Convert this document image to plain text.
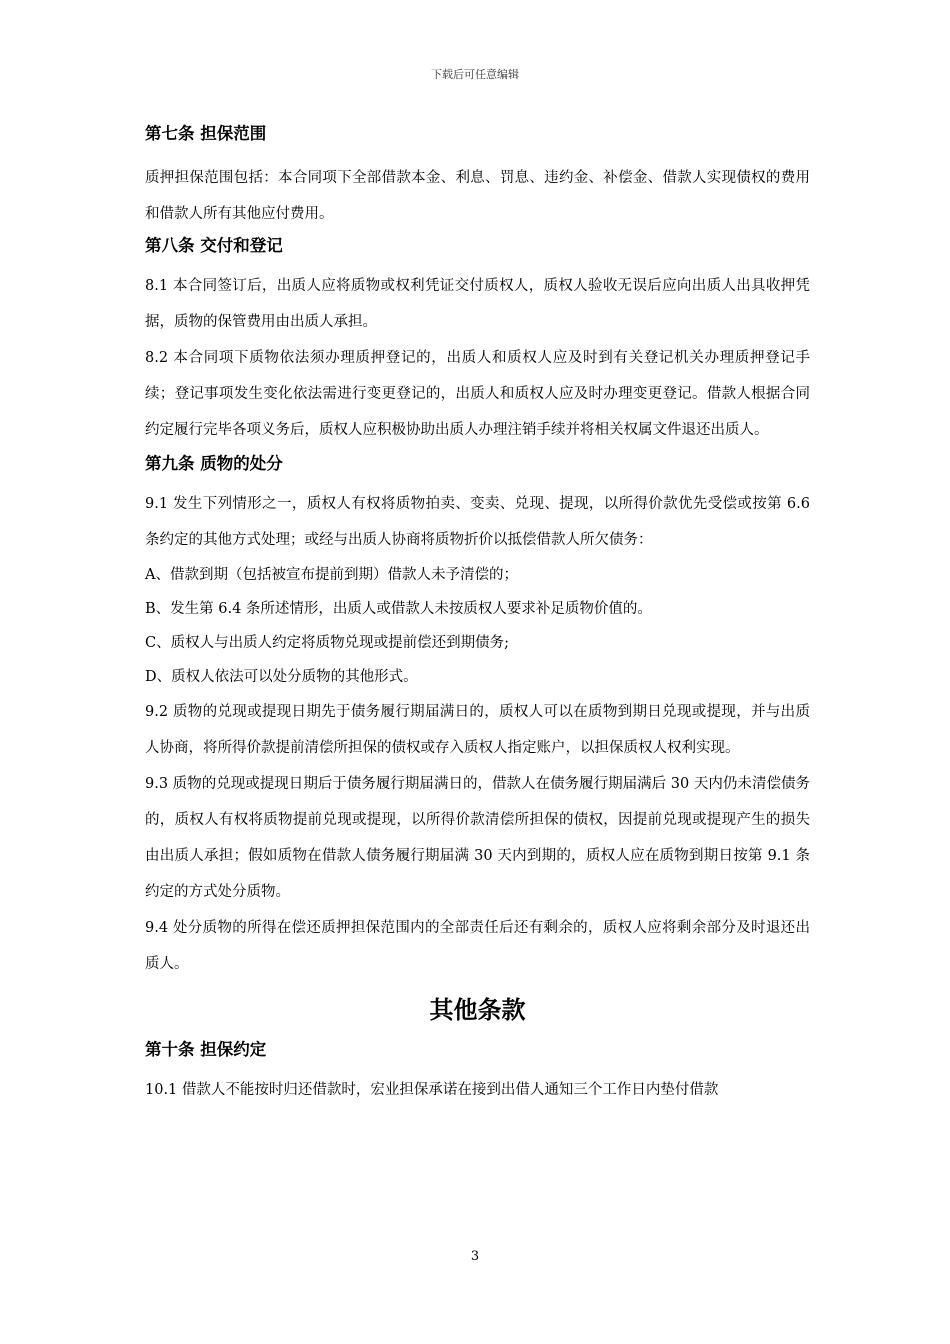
下载后可任意编辑

第七条 担保范围

质押担保范围包括：本合同项下全部借款本金、利息、罚息、违约金、补偿金、借款人实现债权的费用和借款人所有其他应付费用。

第八条 交付和登记

8.1 本合同签订后，出质人应将质物或权利凭证交付质权人，质权人验收无误后应向出质人出具收押凭据，质物的保管费用由出质人承担。

8.2 本合同项下质物依法须办理质押登记的，出质人和质权人应及时到有关登记机关办理质押登记手续；登记事项发生变化依法需进行变更登记的，出质人和质权人应及时办理变更登记。借款人根据合同约定履行完毕各项义务后，质权人应积极协助出质人办理注销手续并将相关权属文件退还出质人。

第九条 质物的处分

9.1 发生下列情形之一，质权人有权将质物拍卖、变卖、兑现、提现，以所得价款优先受偿或按第 6.6 条约定的其他方式处理；或经与出质人协商将质物折价以抵偿借款人所欠债务：

A、借款到期（包括被宣布提前到期）借款人未予清偿的；

B、发生第 6.4 条所述情形，出质人或借款人未按质权人要求补足质物价值的。

C、质权人与出质人约定将质物兑现或提前偿还到期债务;

D、质权人依法可以处分质物的其他形式。

9.2 质物的兑现或提现日期先于债务履行期届满日的，质权人可以在质物到期日兑现或提现，并与出质人协商，将所得价款提前清偿所担保的债权或存入质权人指定账户，以担保质权人权利实现。

9.3 质物的兑现或提现日期后于债务履行期届满日的，借款人在债务履行期届满后 30 天内仍未清偿债务的，质权人有权将质物提前兑现或提现，以所得价款清偿所担保的债权，因提前兑现或提现产生的损失由出质人承担；假如质物在借款人债务履行期届满 30 天内到期的，质权人应在质物到期日按第 9.1 条约定的方式处分质物。

9.4 处分质物的所得在偿还质押担保范围内的全部责任后还有剩余的，质权人应将剩余部分及时退还出质人。

其他条款

第十条 担保约定

10.1 借款人不能按时归还借款时，宏业担保承诺在接到出借人通知三个工作日内垫付借款

3
